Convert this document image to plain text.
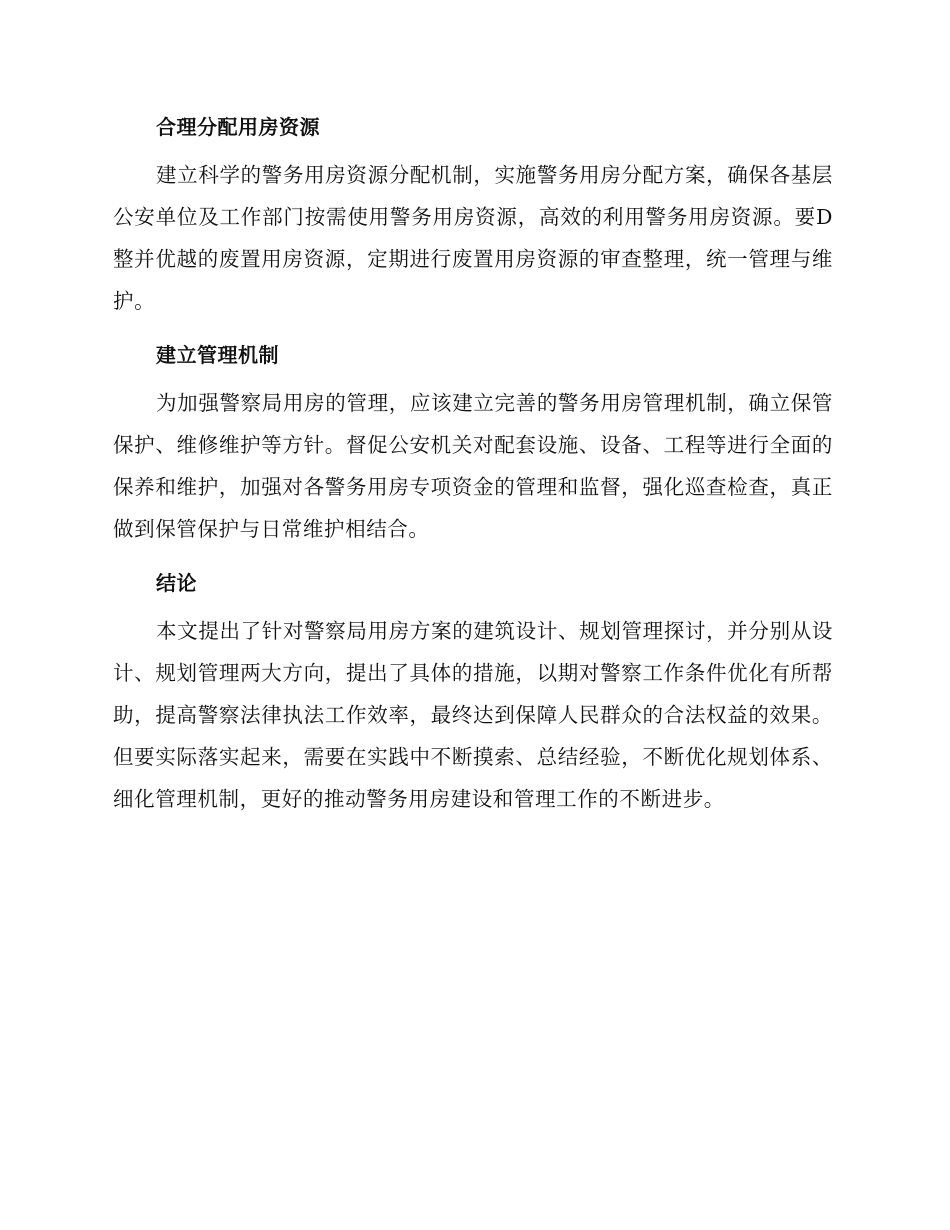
合理分配用房资源

建立科学的警务用房资源分配机制，实施警务用房分配方案，确保各基层公安单位及工作部门按需使用警务用房资源，高效的利用警务用房资源。要D整并优越的废置用房资源，定期进行废置用房资源的审查整理，统一管理与维护。

建立管理机制

为加强警察局用房的管理，应该建立完善的警务用房管理机制，确立保管保护、维修维护等方针。督促公安机关对配套设施、设备、工程等进行全面的保养和维护，加强对各警务用房专项资金的管理和监督，强化巡查检查，真正做到保管保护与日常维护相结合。

结论

本文提出了针对警察局用房方案的建筑设计、规划管理探讨，并分别从设计、规划管理两大方向，提出了具体的措施，以期对警察工作条件优化有所帮助，提高警察法律执法工作效率，最终达到保障人民群众的合法权益的效果。但要实际落实起来，需要在实践中不断摸索、总结经验，不断优化规划体系、细化管理机制，更好的推动警务用房建设和管理工作的不断进步。
